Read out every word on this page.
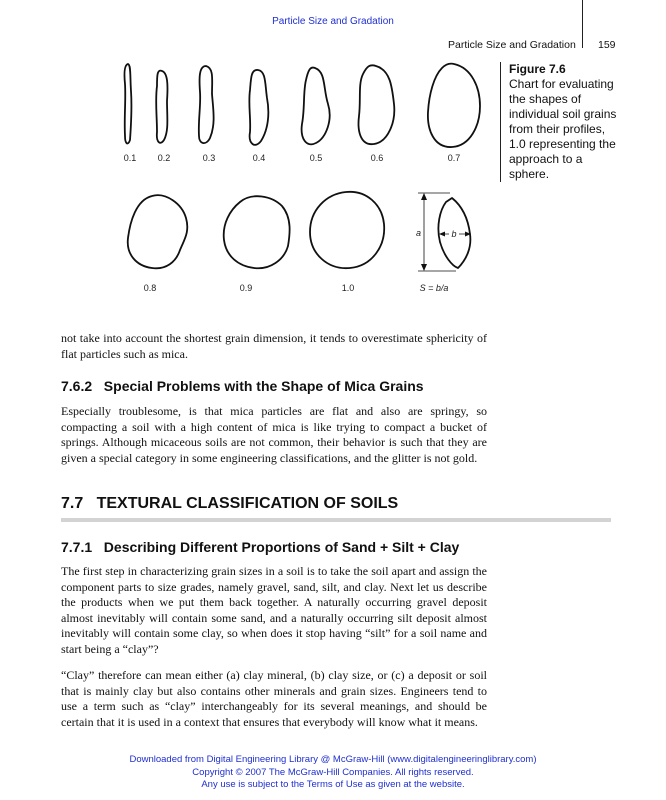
Particle Size and Gradation
Particle Size and Gradation 159
0.1 0.2	0.3	0.4	0.5	0.6	0.7
a	b
0.8	0.9	1.0	S = b/a
Figure 7.6
Chart for evaluating the shapes of individual soil grains from their profiles, 1.0 representing the approach to a sphere.
not take into account the shortest grain dimension, it tends to overestimate sphericity of flat particles such as mica.
7.6.2   Special Problems with the Shape of Mica Grains
Especially troublesome, is that mica particles are flat and also are springy, so compacting a soil with a high content of mica is like trying to compact a bucket of springs. Although micaceous soils are not common, their behavior is such that they are given a special category in some engineering classifications, and the glitter is not gold.
7.7   TEXTURAL CLASSIFICATION OF SOILS
7.7.1   Describing Different Proportions of Sand + Silt + Clay
The first step in characterizing grain sizes in a soil is to take the soil apart and assign the component parts to size grades, namely gravel, sand, silt, and clay. Next let us describe the products when we put them back together. A naturally occurring gravel deposit almost inevitably will contain some sand, and a naturally occurring silt deposit almost inevitably will contain some clay, so when does it stop having “silt” for a soil name and start being a “clay”?
“Clay” therefore can mean either (a) clay mineral, (b) clay size, or (c) a deposit or soil that is mainly clay but also contains other minerals and grain sizes. Engineers tend to use a term such as “clay” interchangeably for its several meanings, and should be certain that it is used in a context that ensures that everybody will know what it means.
Downloaded from Digital Engineering Library @ McGraw-Hill (www.digitalengineeringlibrary.com)
Copyright © 2007 The McGraw-Hill Companies. All rights reserved.
Any use is subject to the Terms of Use as given at the website.
